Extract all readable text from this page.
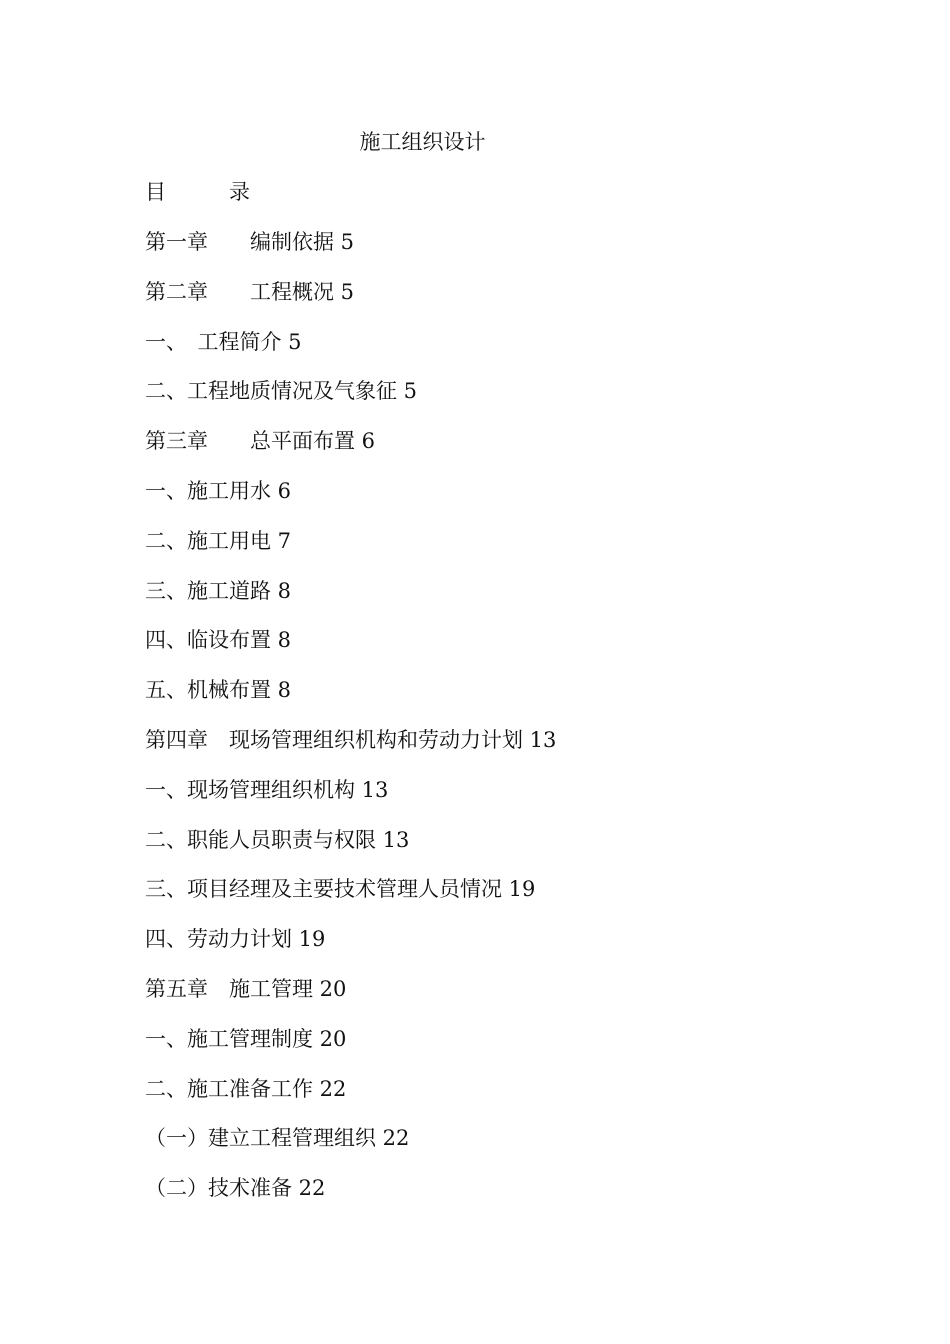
施工组织设计
目　　　录
第一章　　编制依据 5
第二章　　工程概况 5
一、　工程简介 5
二、工程地质情况及气象征 5
第三章　　总平面布置 6
一、施工用水 6
二、施工用电 7
三、施工道路 8
四、临设布置 8
五、机械布置 8
第四章　现场管理组织机构和劳动力计划 13
一、现场管理组织机构 13
二、职能人员职责与权限 13
三、项目经理及主要技术管理人员情况 19
四、劳动力计划 19
第五章　施工管理 20
一、施工管理制度 20
二、施工准备工作 22
（一）建立工程管理组织 22
（二）技术准备 22
